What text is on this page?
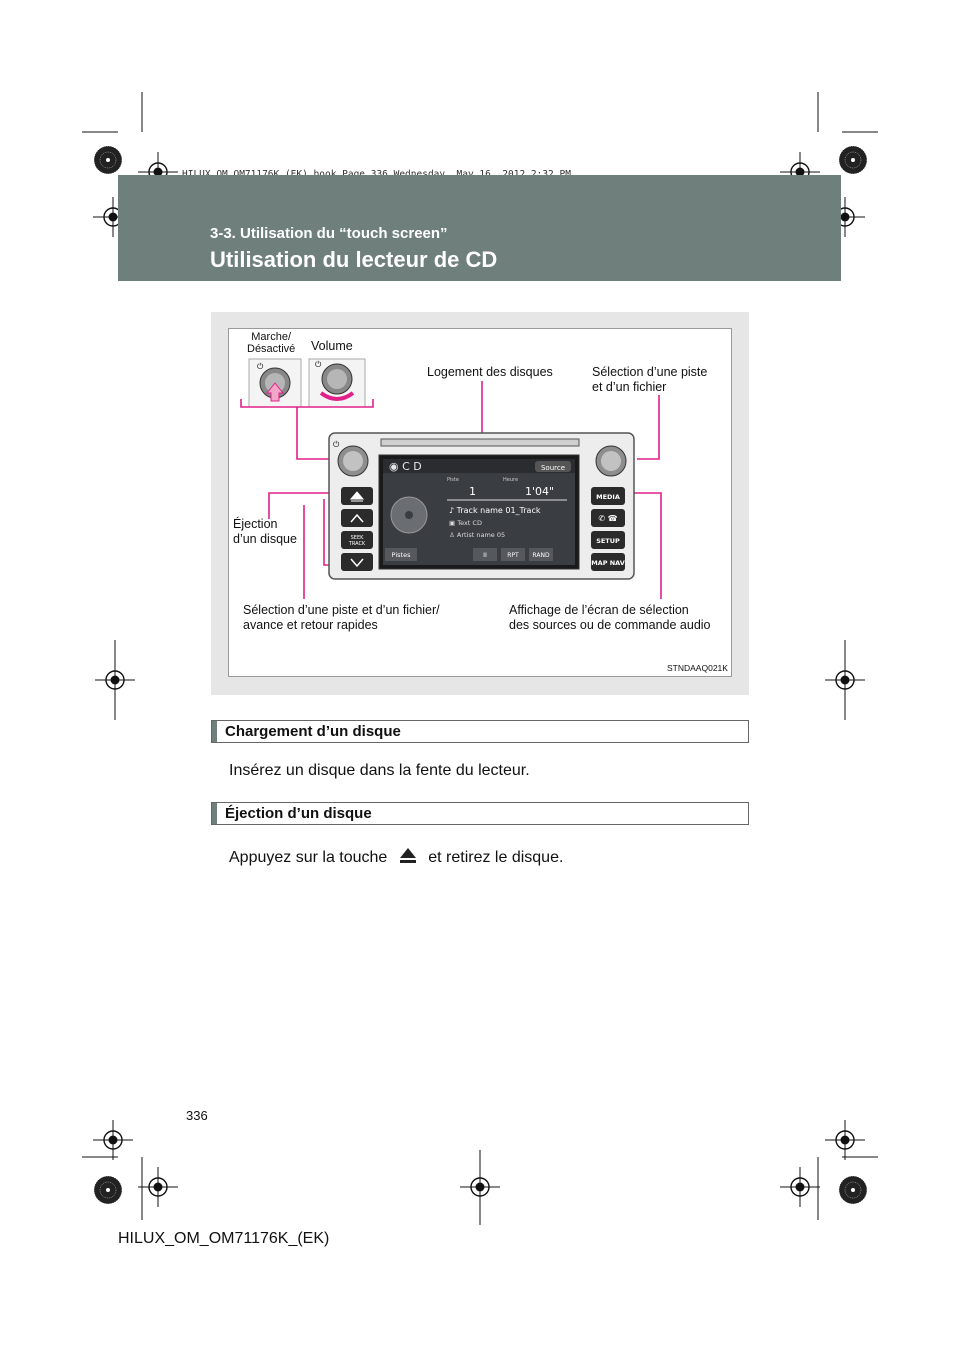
3-3. Utilisation du “touch screen”
Utilisation du lecteur de CD
⏻	⏻
⏻
SEEK
TRACK
MEDIA
✆ ☎
SETUP
MAP NAV
◉ C D	Source
Piste	Heure
1	1'04"
♪ Track name 01_Track
▣ Text CD
♙ Artist name 05
Pistes	II	RPT RAND
Marche/
Désactivé Volume
Logement des disques	Sélection d’une piste
et d’un fichier
Éjection
d’un disque
Sélection d’une piste et d’un fichier/
avance et retour rapides
Affichage de l’écran de sélection
des sources ou de commande audio
STNDAAQ021K
Chargement d’un disque
Insérez un disque dans la fente du lecteur.
Éjection d’un disque
Appuyez sur la touche	et retirez le disque.
336
HILUX_OM_OM71176K_(EK)
